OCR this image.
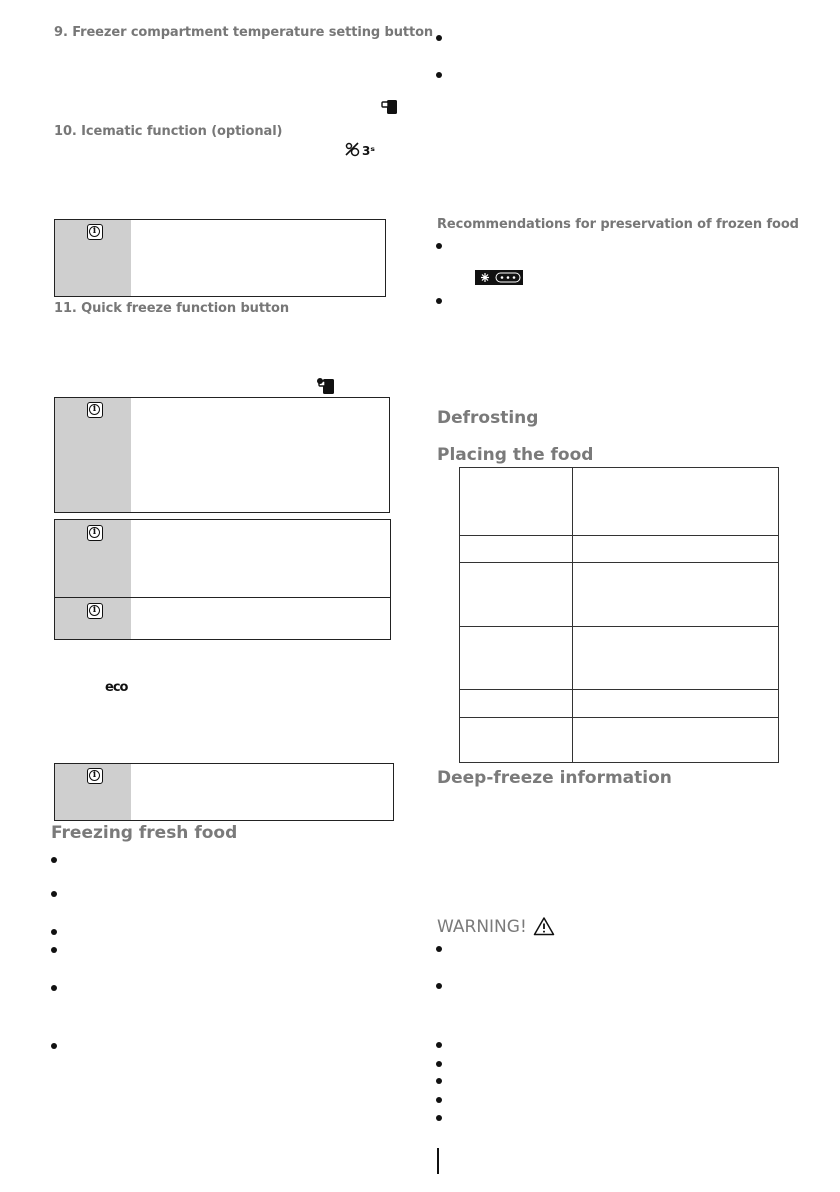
9. Freezer compartment temperature setting button
10. Icematic function (optional)
3ˢ
i
11. Quick freeze function button
i
i
i
eco
i
Freezing fresh food
Recommendations for preservation of frozen food
Defrosting
Placing the food
Deep-freeze information
WARNING!
